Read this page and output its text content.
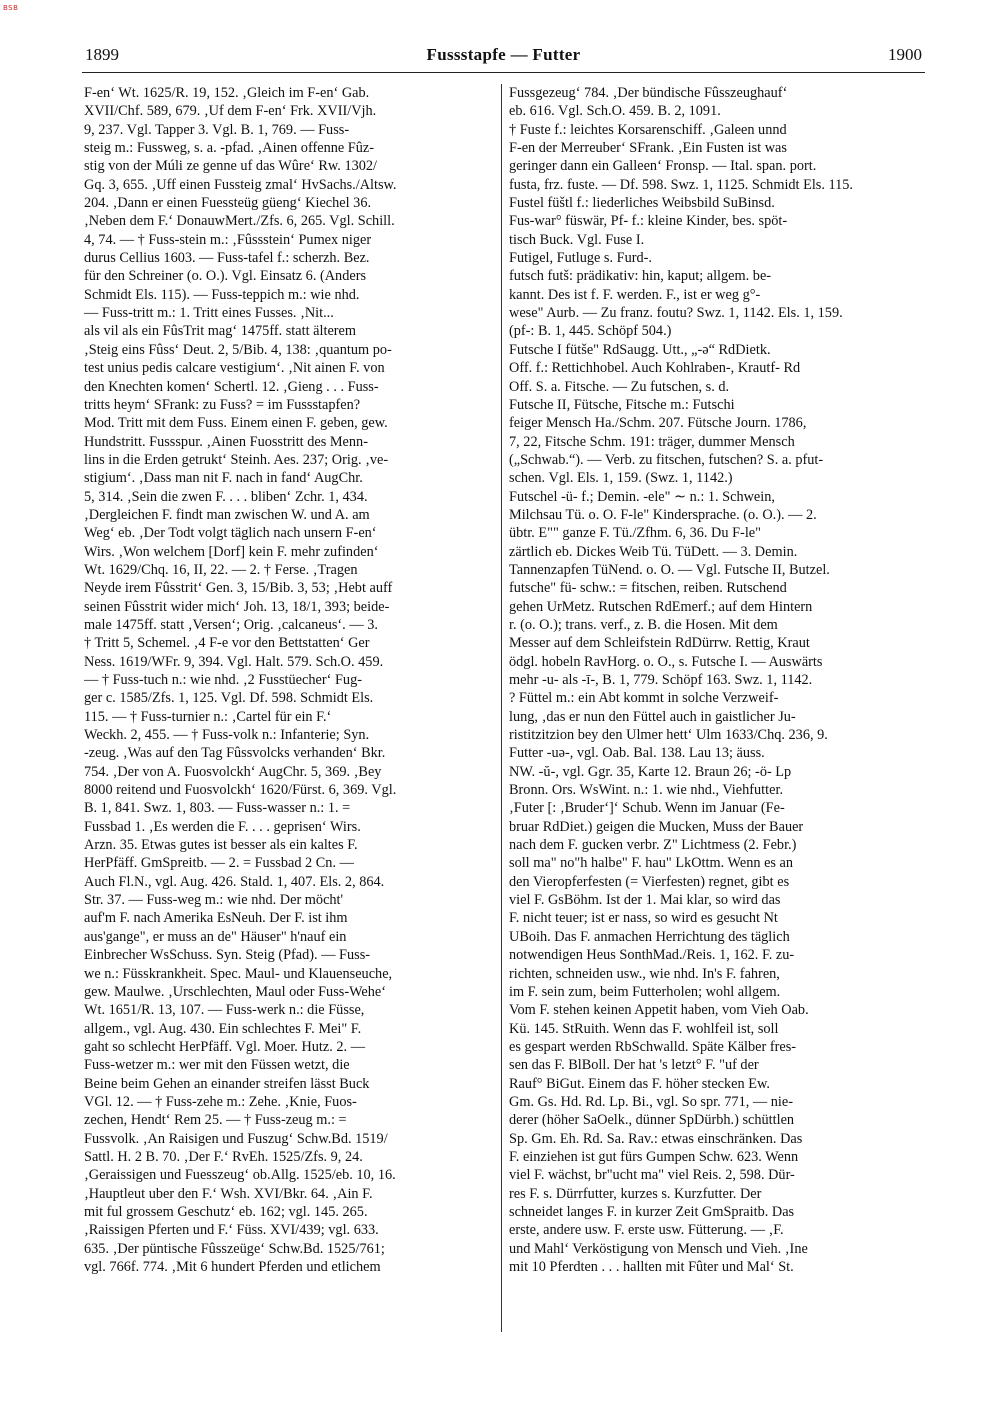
BSB
1899	Fussstapfe — Futter	1900
F-en‘ Wt. 1625/R. 19, 152. ‚Gleich im F-en‘ Gab.
XVII/Chf. 589, 679. ‚Uf dem F-en‘ Frk. XVII/Vjh.
9, 237. Vgl. Tapper 3. Vgl. B. 1, 769. — Fuss-
steig m.: Fussweg, s. a. -pfad. ‚Ainen offenne Fûz-
stig von der Múli ze genne uf das Wûre‘ Rw. 1302/
Gq. 3, 655. ‚Uff einen Fussteig zmal‘ HvSachs./Altsw.
204. ‚Dann er einen Fuessteüg güeng‘ Kiechel 36.
‚Neben dem F.‘ DonauwMert./Zfs. 6, 265. Vgl. Schill.
4, 74. — † Fuss-stein m.: ‚Fûssstein‘ Pumex niger
durus Cellius 1603. — Fuss-tafel f.: scherzh. Bez.
für den Schreiner (o. O.). Vgl. Einsatz 6. (Anders
Schmidt Els. 115). — Fuss-teppich m.: wie nhd.
— Fuss-tritt m.: 1. Tritt eines Fusses. ‚Nit...
als vil als ein FûsTrit mag‘ 1475ff. statt älterem
‚Steig eins Fûss‘ Deut. 2, 5/Bib. 4, 138: ‚quantum po-
test unius pedis calcare vestigium‘. ‚Nit ainen F. von
den Knechten komen‘ Schertl. 12. ‚Gieng . . . Fuss-
tritts heym‘ SFrank: zu Fuss? = im Fussstapfen?
Mod. Tritt mit dem Fuss. Einem einen F. geben, gew.
Hundstritt. Fussspur. ‚Ainen Fuosstritt des Menn-
lins in die Erden getrukt‘ Steinh. Aes. 237; Orig. ‚ve-
stigium‘. ‚Dass man nit F. nach in fand‘ AugChr.
5, 314. ‚Sein die zwen F. . . . bliben‘ Zchr. 1, 434.
‚Dergleichen F. findt man zwischen W. und A. am
Weg‘ eb. ‚Der Todt volgt täglich nach unsern F-en‘
Wirs. ‚Won welchem [Dorf] kein F. mehr zufinden‘
Wt. 1629/Chq. 16, II, 22. — 2. † Ferse. ‚Tragen
Neyde irem Fûsstrit‘ Gen. 3, 15/Bib. 3, 53; ‚Hebt auff
seinen Fûsstrit wider mich‘ Joh. 13, 18/1, 393; beide-
male 1475ff. statt ‚Versen‘; Orig. ‚calcaneus‘. — 3.
† Tritt 5, Schemel. ‚4 F-e vor den Bettstatten‘ Ger
Ness. 1619/WFr. 9, 394. Vgl. Halt. 579. Sch.O. 459.
— † Fuss-tuch n.: wie nhd. ‚2 Fusstüecher‘ Fug-
ger c. 1585/Zfs. 1, 125. Vgl. Df. 598. Schmidt Els.
115. — † Fuss-turnier n.: ‚Cartel für ein F.‘
Weckh. 2, 455. — † Fuss-volk n.: Infanterie; Syn.
-zeug. ‚Was auf den Tag Fûssvolcks verhanden‘ Bkr.
754. ‚Der von A. Fuosvolckh‘ AugChr. 5, 369. ‚Bey
8000 reitend und Fuosvolckh‘ 1620/Fürst. 6, 369. Vgl.
B. 1, 841. Swz. 1, 803. — Fuss-wasser n.: 1. =
Fussbad 1. ‚Es werden die F. . . . geprisen‘ Wirs.
Arzn. 35. Etwas gutes ist besser als ein kaltes F.
HerPfäff. GmSpreitb. — 2. = Fussbad 2 Cn. —
Auch Fl.N., vgl. Aug. 426. Stald. 1, 407. Els. 2, 864.
Str. 37. — Fuss-weg m.: wie nhd. Der möcht'
auf'm F. nach Amerika EsNeuh. Der F. ist ihm
aus'gange", er muss an de" Häuser" h'nauf ein
Einbrecher WsSchuss. Syn. Steig (Pfad). — Fuss-
we n.: Füsskrankheit. Spec. Maul- und Klauenseuche,
gew. Maulwe. ‚Urschlechten, Maul oder Fuss-Wehe‘
Wt. 1651/R. 13, 107. — Fuss-werk n.: die Füsse,
allgem., vgl. Aug. 430. Ein schlechtes F. Mei" F.
gaht so schlecht HerPfäff. Vgl. Moer. Hutz. 2. —
Fuss-wetzer m.: wer mit den Füssen wetzt, die
Beine beim Gehen an einander streifen lässt Buck
VGl. 12. — † Fuss-zehe m.: Zehe. ‚Knie, Fuos-
zechen, Hendt‘ Rem 25. — † Fuss-zeug m.: =
Fussvolk. ‚An Raisigen und Fuszug‘ Schw.Bd. 1519/
Sattl. H. 2 B. 70. ‚Der F.‘ RvEh. 1525/Zfs. 9, 24.
‚Geraissigen und Fuesszeug‘ ob.Allg. 1525/eb. 10, 16.
‚Hauptleut uber den F.‘ Wsh. XVI/Bkr. 64. ‚Ain F.
mit ful grossem Geschutz‘ eb. 162; vgl. 145. 265.
‚Raissigen Pferten und F.‘ Füss. XVI/439; vgl. 633.
635. ‚Der püntische Fûsszeüge‘ Schw.Bd. 1525/761;
vgl. 766f. 774. ‚Mit 6 hundert Pferden und etlichem
Fussgezeug‘ 784. ‚Der bündische Fûsszeughauf‘
eb. 616. Vgl. Sch.O. 459. B. 2, 1091.
† Fuste f.: leichtes Korsarenschiff. ‚Galeen unnd
F-en der Merreuber‘ SFrank. ‚Ein Fusten ist was
geringer dann ein Galleen‘ Fronsp. — Ital. span. port.
fusta, frz. fuste. — Df. 598. Swz. 1, 1125. Schmidt Els. 115.
Fustel füštl f.: liederliches Weibsbild SuBinsd.
Fus-war° füswär, Pf- f.: kleine Kinder, bes. spöt-
tisch Buck. Vgl. Fuse I.
Futigel, Futluge s. Furd-.
futsch futš: prädikativ: hin, kaput; allgem. be-
kannt. Des ist f. F. werden. F., ist er weg g°-
wese" Aurb. — Zu franz. foutu? Swz. 1, 1142. Els. 1, 159.
(pf-: B. 1, 445. Schöpf 504.)
Futsche I fütše" RdSaugg. Utt., „-ə“ RdDietk.
Off. f.: Rettichhobel. Auch Kohlraben-, Krautf- Rd
Off. S. a. Fitsche. — Zu futschen, s. d.
Futsche II, Fütsche, Fitsche m.: Futschi
feiger Mensch Ha./Schm. 207. Fütsche Journ. 1786,
7, 22, Fitsche Schm. 191: träger, dummer Mensch
(„Schwab.“). — Verb. zu fitschen, futschen? S. a. pfut-
schen. Vgl. Els. 1, 159. (Swz. 1, 1142.)
Futschel -ü- f.; Demin. -ele" ∼ n.: 1. Schwein,
Milchsau Tü. o. O. F-le" Kindersprache. (o. O.). — 2.
übtr. E"" ganze F. Tü./Zfhm. 6, 36. Du F-le"
zärtlich eb. Dickes Weib Tü. TüDett. — 3. Demin.
Tannenzapfen TüNend. o. O. — Vgl. Futsche II, Butzel.
futsche" fü- schw.: = fitschen, reiben. Rutschend
gehen UrMetz. Rutschen RdEmerf.; auf dem Hintern
r. (o. O.); trans. verf., z. B. die Hosen. Mit dem
Messer auf dem Schleifstein RdDürrw. Rettig, Kraut
ödgl. hobeln RavHorg. o. O., s. Futsche I. — Auswärts
mehr -u- als -ī-, B. 1, 779. Schöpf 163. Swz. 1, 1142.
? Füttel m.: ein Abt kommt in solche Verzweif-
lung, ‚das er nun den Füttel auch in gaistlicher Ju-
ristitzitzion bey den Ulmer hett‘ Ulm 1633/Chq. 236, 9.
Futter -uə-, vgl. Oab. Bal. 138. Lau 13; äuss.
NW. -ŭ-, vgl. Ggr. 35, Karte 12. Braun 26; -ö- Lp
Bronn. Ors. WsWint. n.: 1. wie nhd., Viehfutter.
‚Futer [: ‚Bruder‘]‘ Schub. Wenn im Januar (Fe-
bruar RdDiet.) geigen die Mucken, Muss der Bauer
nach dem F. gucken verbr. Z" Lichtmess (2. Febr.)
soll ma" no"h halbe" F. hau" LkOttm. Wenn es an
den Vieropferfesten (= Vierfesten) regnet, gibt es
viel F. GsBöhm. Ist der 1. Mai klar, so wird das
F. nicht teuer; ist er nass, so wird es gesucht Nt
UBoih. Das F. anmachen Herrichtung des täglich
notwendigen Heus SonthMad./Reis. 1, 162. F. zu-
richten, schneiden usw., wie nhd. In's F. fahren,
im F. sein zum, beim Futterholen; wohl allgem.
Vom F. stehen keinen Appetit haben, vom Vieh Oab.
Kü. 145. StRuith. Wenn das F. wohlfeil ist, soll
es gespart werden RbSchwalld. Späte Kälber fres-
sen das F. BlBoll. Der hat 's letzt° F. "uf der
Rauf° BiGut. Einem das F. höher stecken Ew.
Gm. Gs. Hd. Rd. Lp. Bi., vgl. So spr. 771, — nie-
derer (höher SaOelk., dünner SpDürbh.) schüttlen
Sp. Gm. Eh. Rd. Sa. Rav.: etwas einschränken. Das
F. einziehen ist gut fürs Gumpen Schw. 623. Wenn
viel F. wächst, br"ucht ma" viel Reis. 2, 598. Dür-
res F. s. Dürrfutter, kurzes s. Kurzfutter. Der
schneidet langes F. in kurzer Zeit GmSpraitb. Das
erste, andere usw. F. erste usw. Fütterung. — ‚F.
und Mahl‘ Verköstigung von Mensch und Vieh. ‚Ine
mit 10 Pferdten . . . hallten mit Fûter und Mal‘ St.
